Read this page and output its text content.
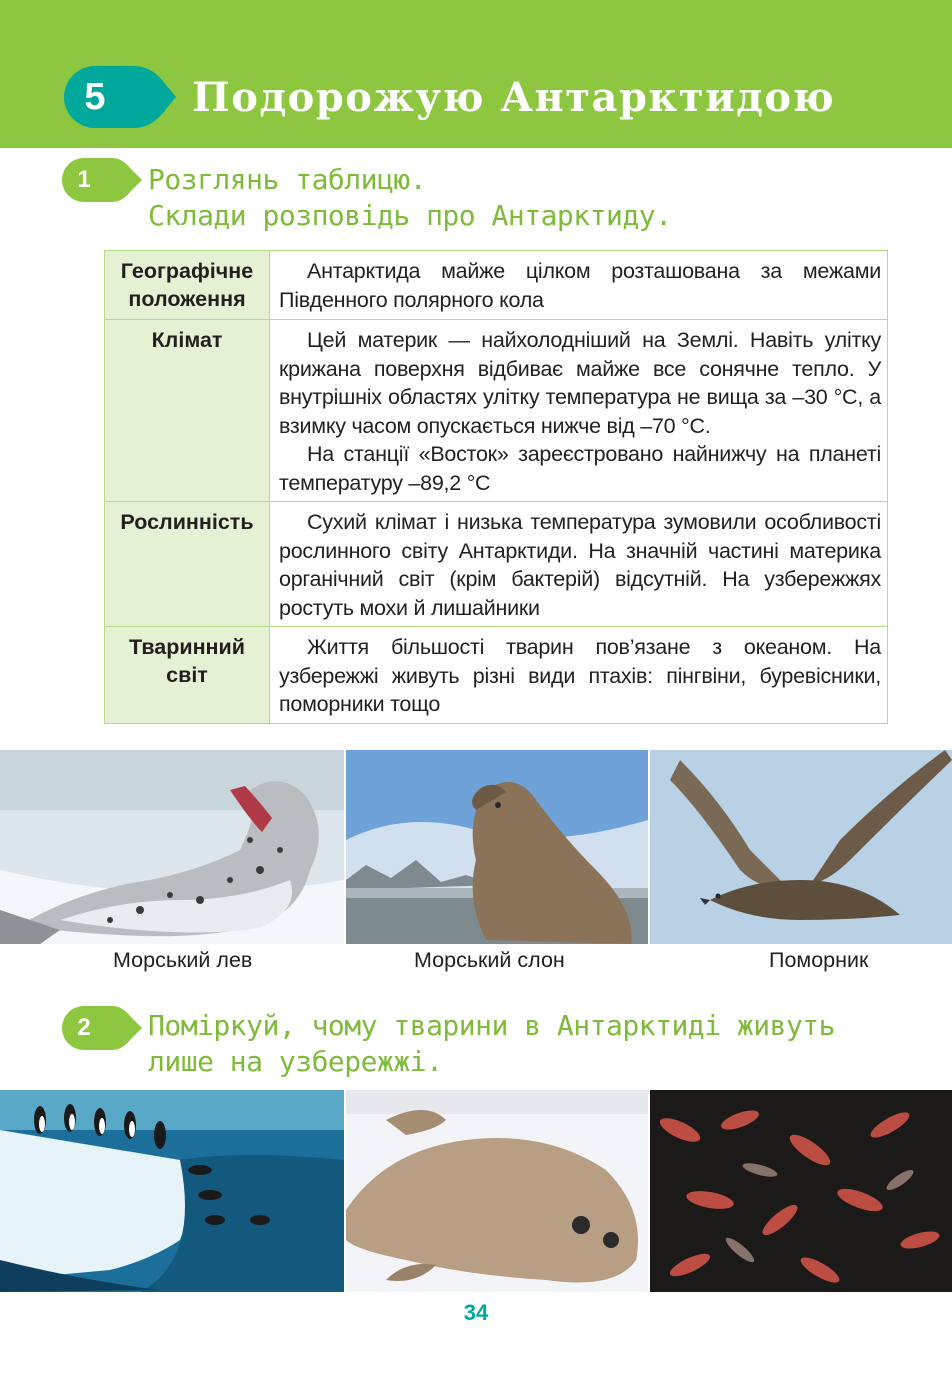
5	Подорожую Антарктидою
1	Розглянь таблицю.
Склади розповідь про Антарктиду.
Географічне
положення	Антарктида майже цілком розташована за межами Південного полярного кола

Клімат	Цей материк — найхолодніший на Землі. Навіть улітку крижана поверхня відбиває майже все сонячне тепло. У внутрішніх областях улітку температура не вища за –30 °С, а взимку часом опускається нижче від –70 °С.
На станції «Восток» зареєстровано найнижчу на планеті температуру –89,2 °С

Рослинність	Сухий клімат і низька температура зумовили особливості рослинного світу Антарктиди. На значній частині материка органічний світ (крім бактерій) відсутній. На узбережжях ростуть мохи й лишайники

Тваринний
світ	Життя більшості тварин пов’язане з океаном. На узбережжі живуть різні види птахів: пінгвіни, буревісники, поморники тощо
Морський лев	Морський слон	Поморник
2	Поміркуй, чому тварини в Антарктиді живуть
лише на узбережжі.
34
